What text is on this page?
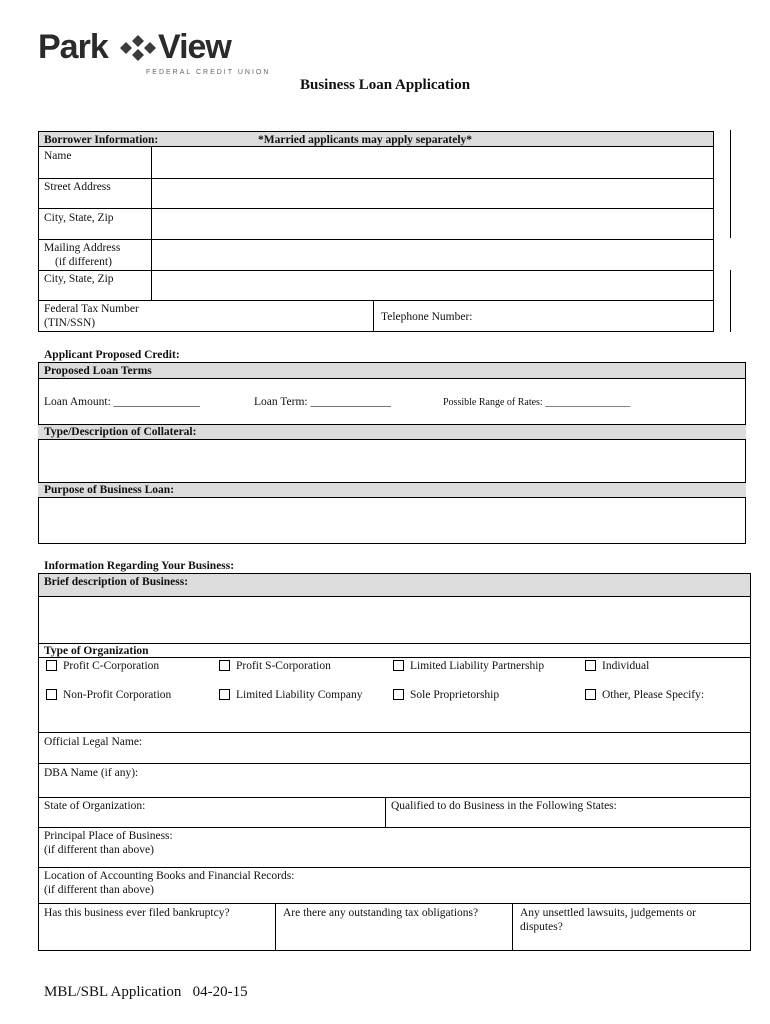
Park View
FEDERAL CREDIT UNION
Business Loan Application
Borrower Information:	*Married applicants may apply separately*
Name
Street Address
City, State, Zip
Mailing Address
(if different)
City, State, Zip
Federal Tax Number
(TIN/SSN)	Telephone Number:
Applicant Proposed Credit:
Proposed Loan Terms
Loan Amount: _______________	Loan Term: ______________	Possible Range of Rates: _________________
Type/Description of Collateral:
Purpose of Business Loan:
Information Regarding Your Business:
Brief description of Business:
Type of Organization
Profit C-Corporation	Profit S-Corporation	Limited Liability Partnership	Individual
Non-Profit Corporation	Limited Liability Company	Sole Proprietorship	Other, Please Specify:
Official Legal Name:
DBA Name (if any):
State of Organization:	Qualified to do Business in the Following States:
Principal Place of Business:
(if different than above)
Location of Accounting Books and Financial Records:
(if different than above)
Has this business ever filed bankruptcy?	Are there any outstanding tax obligations?	Any unsettled lawsuits, judgements or
disputes?
MBL/SBL Application   04-20-15
